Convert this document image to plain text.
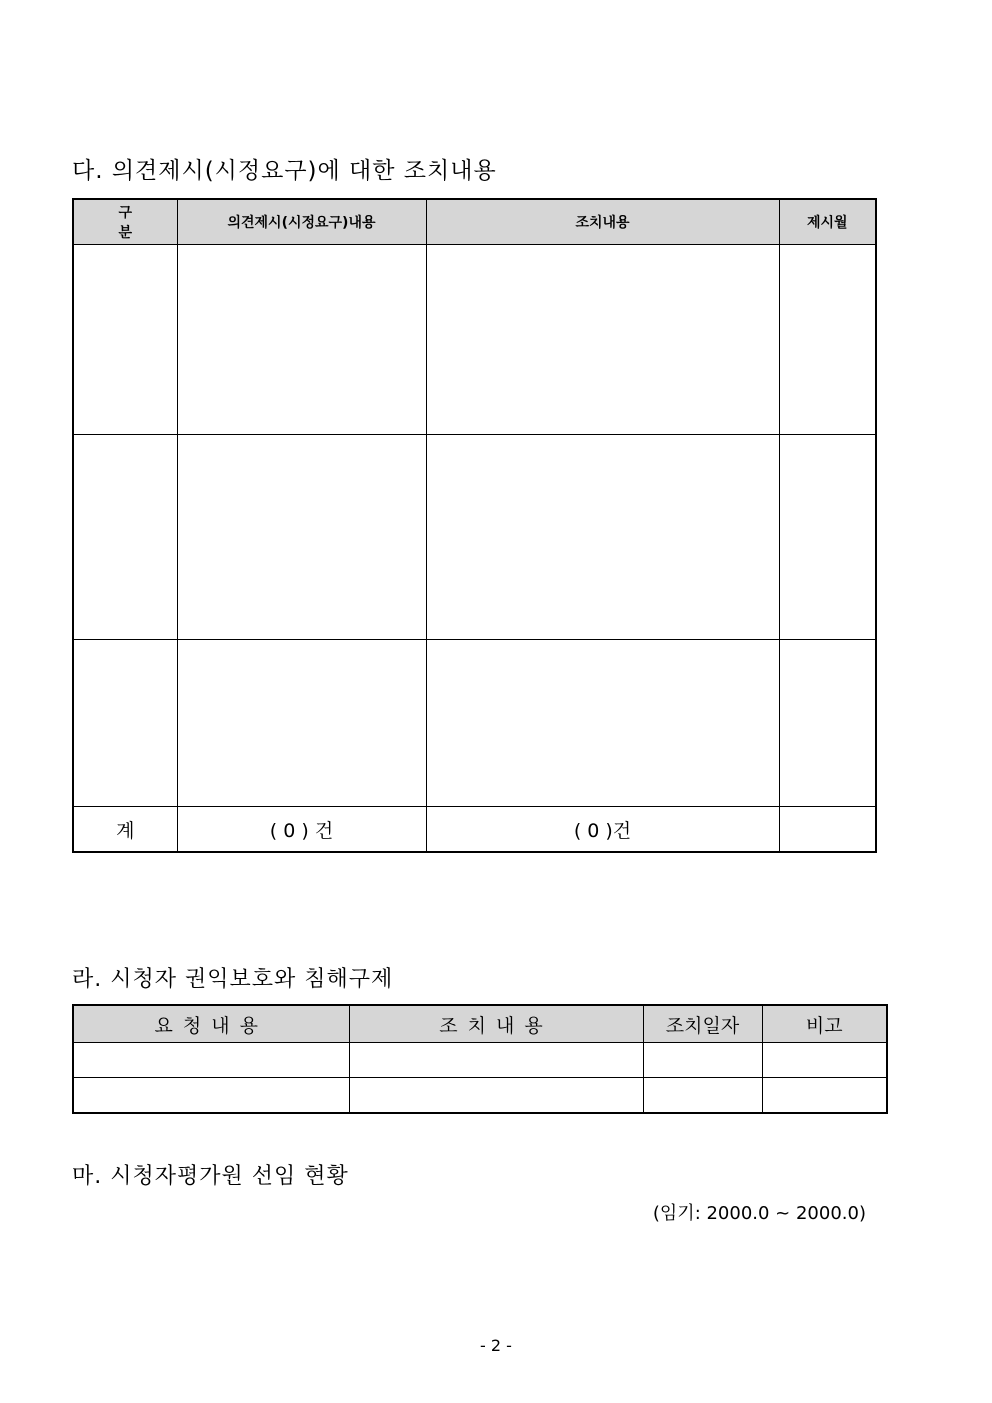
다. 의견제시(시정요구)에 대한 조치내용
구 분	의견제시(시정요구)내용	조치내용	제시월

계	( 0 ) 건	( 0 )건	
라. 시청자 권익보호와 침해구제
요청내용	조치내용	조치일자	비고

마. 시청자평가원 선임 현황
(임기: 2000.0 ~ 2000.0)
- 2 -
